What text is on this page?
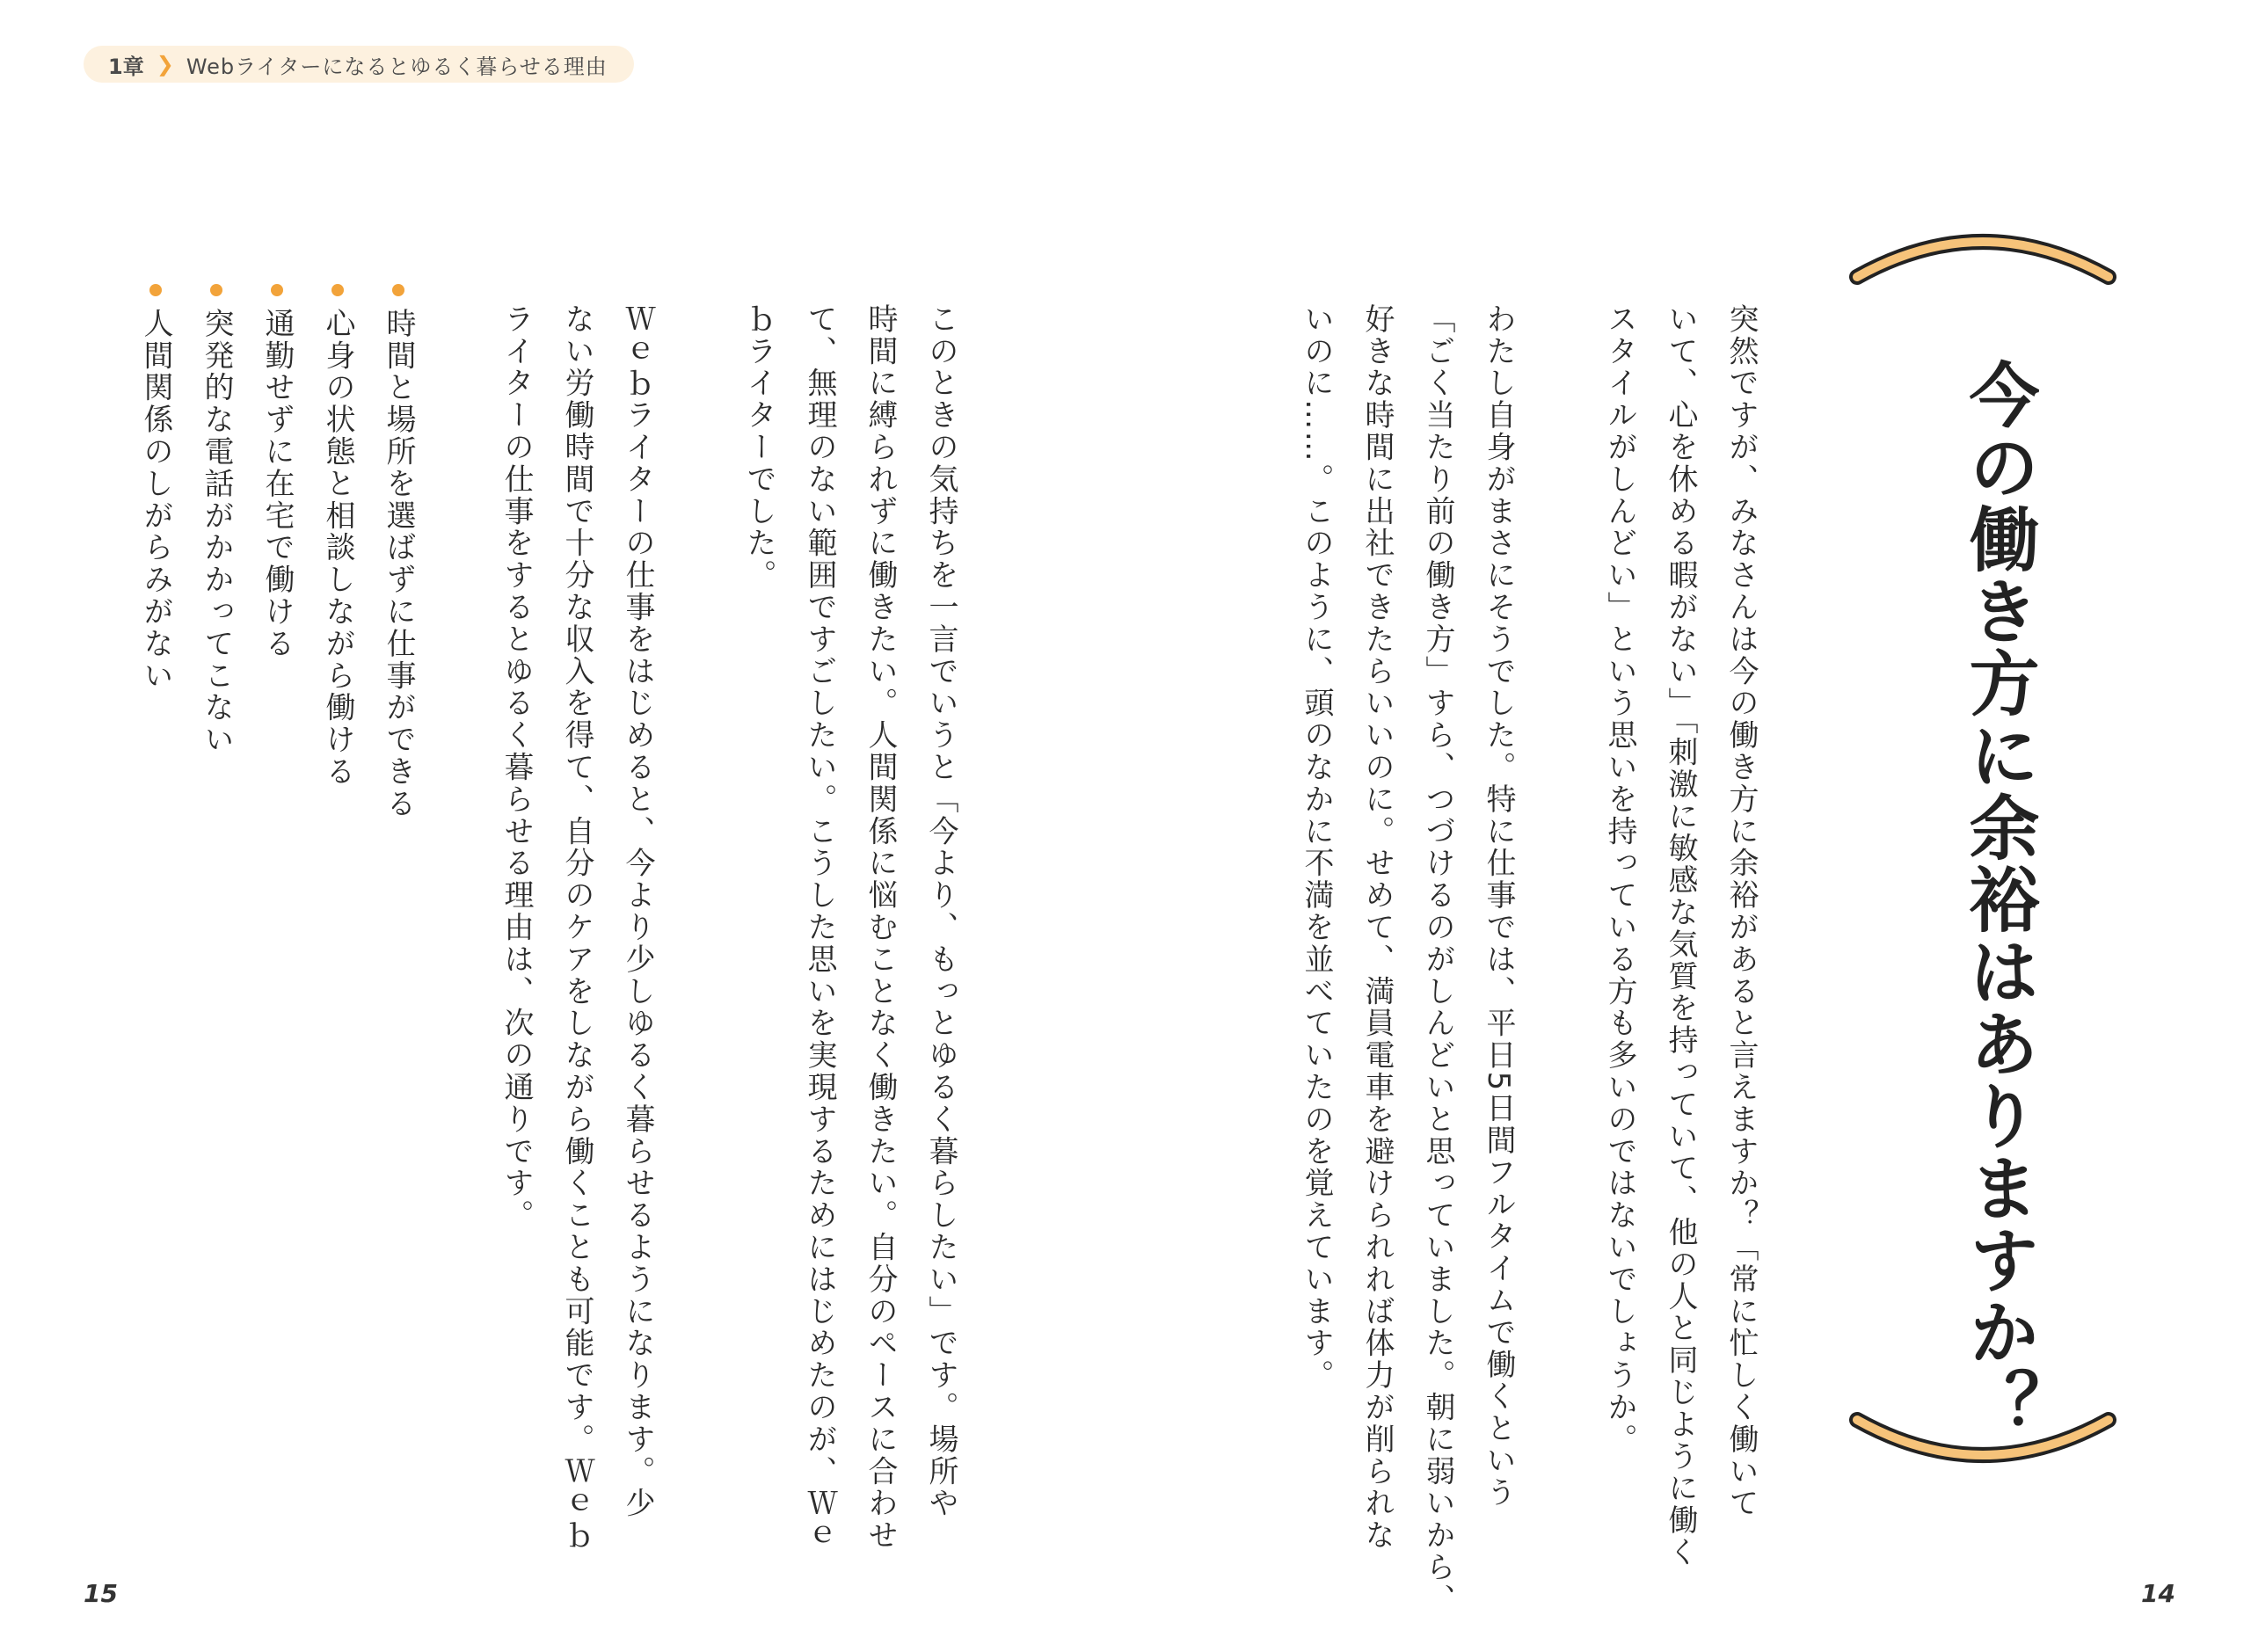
1章 ❯ Webライターになるとゆるく暮らせる理由
今の働き方に余裕はありますか？
突然ですが、みなさんは今の働き方に余裕があると言えますか？「常に忙しく働いて
いて、心を休める暇がない」「刺激に敏感な気質を持っていて、他の人と同じように働く
スタイルがしんどい」という思いを持っている方も多いのではないでしょうか。
わたし自身がまさにそうでした。特に仕事では、平日5日間フルタイムで働くという
「ごく当たり前の働き方」すら、つづけるのがしんどいと思っていました。朝に弱いから、
好きな時間に出社できたらいいのに。せめて、満員電車を避けられれば体力が削られな
いのに……。このように、頭のなかに不満を並べていたのを覚えています。
このときの気持ちを一言でいうと「今より、もっとゆるく暮らしたい」です。場所や
時間に縛られずに働きたい。人間関係に悩むことなく働きたい。自分のペースに合わせ
て、無理のない範囲ですごしたい。こうした思いを実現するためにはじめたのが、Ｗｅ
ｂライターでした。
Ｗｅｂライターの仕事をはじめると、今より少しゆるく暮らせるようになります。少
ない労働時間で十分な収入を得て、自分のケアをしながら働くことも可能です。Ｗｅｂ
ライターの仕事をするとゆるく暮らせる理由は、次の通りです。
時間と場所を選ばずに仕事ができる
心身の状態と相談しながら働ける
通勤せずに在宅で働ける
突発的な電話がかかってこない
人間関係のしがらみがない
15	14
